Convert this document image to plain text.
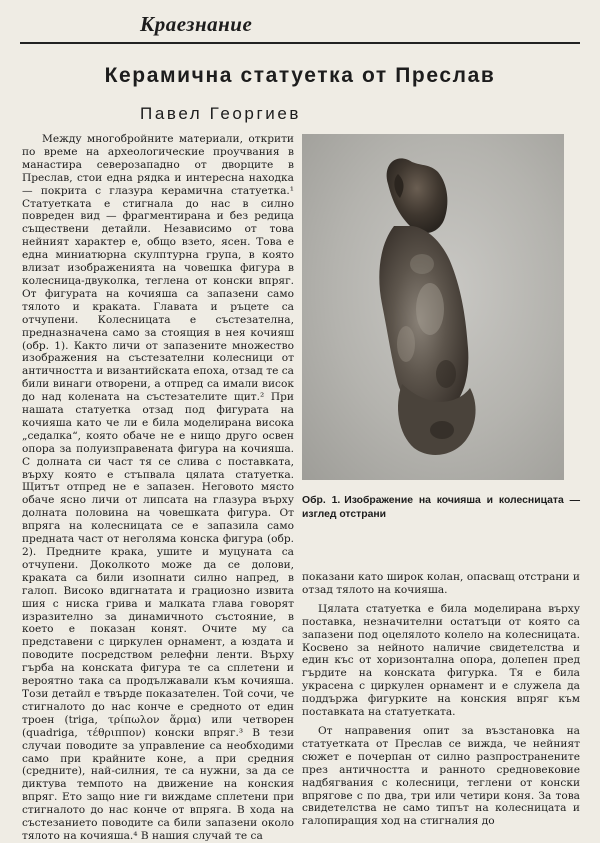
Краезнание
Керамична статуетка от Преслав
Павел Георгиев

Между многобройните материали, открити по време на археологические проучвания в манастира северозападно от дворците в Преслав, стои една рядка и интересна находка — покрита с глазура керамична статуетка.¹ Статуетката е стигнала до нас в силно повреден вид — фрагментирана и без редица съществени детайли. Независимо от това нейният характер е, общо взето, ясен. Това е една миниатюрна скулптурна група, в която влизат изображенията на човешка фигура в колесница-двуколка, теглена от конски впряг. От фигурата на кочияша са запазени само тялото и краката. Главата и ръцете са отчупени. Колесницата е състезателна, предназначена само за стоящия в нея кочияш (обр. 1). Както личи от запазените множество изображения на състезателни колесници от античността и византийската епоха, отзад те са били винаги отворени, а отпред са имали висок до над колената на състезателите щит.² При нашата статуетка отзад под фигурата на кочияша като че ли е била моделирана висока „седалка“, която обаче не е нищо друго освен опора за полуизправената фигура на кочияша. С долната си част тя се слива с поставката, върху която е стъпвала цялата статуетка. Щитът отпред не е запазен. Неговото място обаче ясно личи от липсата на глазура върху долната половина на човешката фигура. От впряга на колесницата се е запазила само предната част от неголяма конска фигура (обр. 2). Предните крака, ушите и муцуната са отчупени. Доколкото може да се долови, краката са били изопнати силно напред, в галоп. Високо вдигнатата и грациозно извита шия с ниска грива и малката глава говорят изразително за динамичното състояние, в което е показан конят. Очите му са представени с циркулен орнамент, а юздата и поводите посредством релефни ленти. Върху гърба на конската фигура те са сплетени и вероятно така са продължавали към кочияша. Този детайл е твърде показателен. Той сочи, че стигналото до нас конче е средното от един троен (triga, τρίπωλον ἅρμα) или четворен (quadriga, τέθριππον) конски впряг.³ В тези случаи поводите за управление са необходими само при крайните коне, а при средния (средните), най-силния, те са нужни, за да се диктува темпото на движение на конския впряг. Ето защо ние ги виждаме сплетени при стигналото до нас конче от впряга. В хода на състезанието поводите са били запазени около тялото на кочияша.⁴ В нашия случай те са

Обр. 1. Изображение на кочияша и колесницата — изглед отстрани

показани като широк колан, опасващ отстрани и отзад тялото на кочияша.

Цялата статуетка е била моделирана върху поставка, незначителни остатъци от която са запазени под оцелялото колело на колесницата. Косвено за нейното наличие свидетелства и един къс от хоризонтална опора, долепен пред гърдите на конската фигурка. Тя е била украсена с циркулен орнамент и е служела да поддържа фигурките на конския впряг към поставката на статуетката.

От направения опит за възстановка на статуетката от Преслав се вижда, че нейният сюжет е почерпан от силно разпространените през античността и ранното средновековие надбягвания с колесници, теглени от конски впрягове с по два, три или четири коня. За това свидетелства не само типът на колесницата и галопиращия ход на стигналия до
